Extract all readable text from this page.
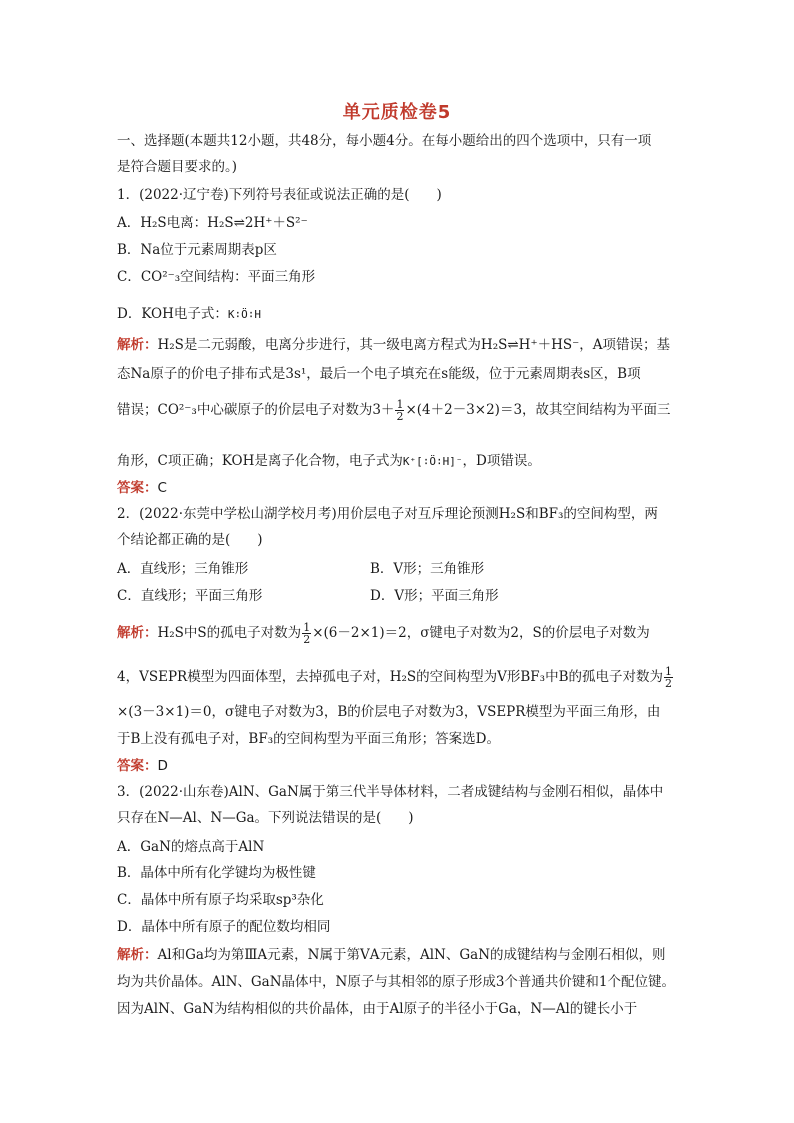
单元质检卷5
一、选择题(本题共12小题，共48分，每小题4分。在每小题给出的四个选项中，只有一项
是符合题目要求的。)
1．(2022·辽宁卷)下列符号表征或说法正确的是(　　)
A．H₂S电离：H₂S⇌2H⁺＋S²⁻
B．Na位于元素周期表p区
C．CO²⁻₃空间结构：平面三角形
D．KOH电子式：K∶Ö∶H
解析：H₂S是二元弱酸，电离分步进行，其一级电离方程式为H₂S⇌H⁺＋HS⁻，A项错误；基
态Na原子的价电子排布式是3s¹，最后一个电子填充在s能级，位于元素周期表s区，B项
错误；CO²⁻₃中心碳原子的价层电子对数为$3+ \frac{1}{2} \times(4+2-3\times 2)=3$，故其空间结构为平面三
角形，C项正确；KOH是离子化合物，电子式为K⁺[∶Ö∶H]⁻，D项错误。
答案：C
2．(2022·东莞中学松山湖学校月考)用价层电子对互斥理论预测H₂S和BF₃的空间构型，两
个结论都正确的是(　　)
A．直线形；三角锥形	B．V形；三角锥形
C．直线形；平面三角形	D．V形；平面三角形
解析：H₂S中S的孤电子对数为 $\frac{1}{2} \times(6-2\times 1)=2$，σ键电子对数为2，S的价层电子对数为
4，VSEPR模型为四面体型，去掉孤电子对，H₂S的空间构型为V形BF₃中B的孤电子对数为 $\frac{1}{2}$
×(3－3×1)＝0，σ键电子对数为3，B的价层电子对数为3，VSEPR模型为平面三角形，由
于B上没有孤电子对，BF₃的空间构型为平面三角形；答案选D。
答案：D
3．(2022·山东卷)AlN、GaN属于第三代半导体材料，二者成键结构与金刚石相似，晶体中
只存在N—Al、N—Ga。下列说法错误的是(　　)
A．GaN的熔点高于AlN
B．晶体中所有化学键均为极性键
C．晶体中所有原子均采取sp³杂化
D．晶体中所有原子的配位数均相同
解析：Al和Ga均为第ⅢA元素，N属于第ⅤA元素，AlN、GaN的成键结构与金刚石相似，则
均为共价晶体。AlN、GaN晶体中，N原子与其相邻的原子形成3个普通共价键和1个配位键。
因为AlN、GaN为结构相似的共价晶体，由于Al原子的半径小于Ga，N—Al的键长小于
